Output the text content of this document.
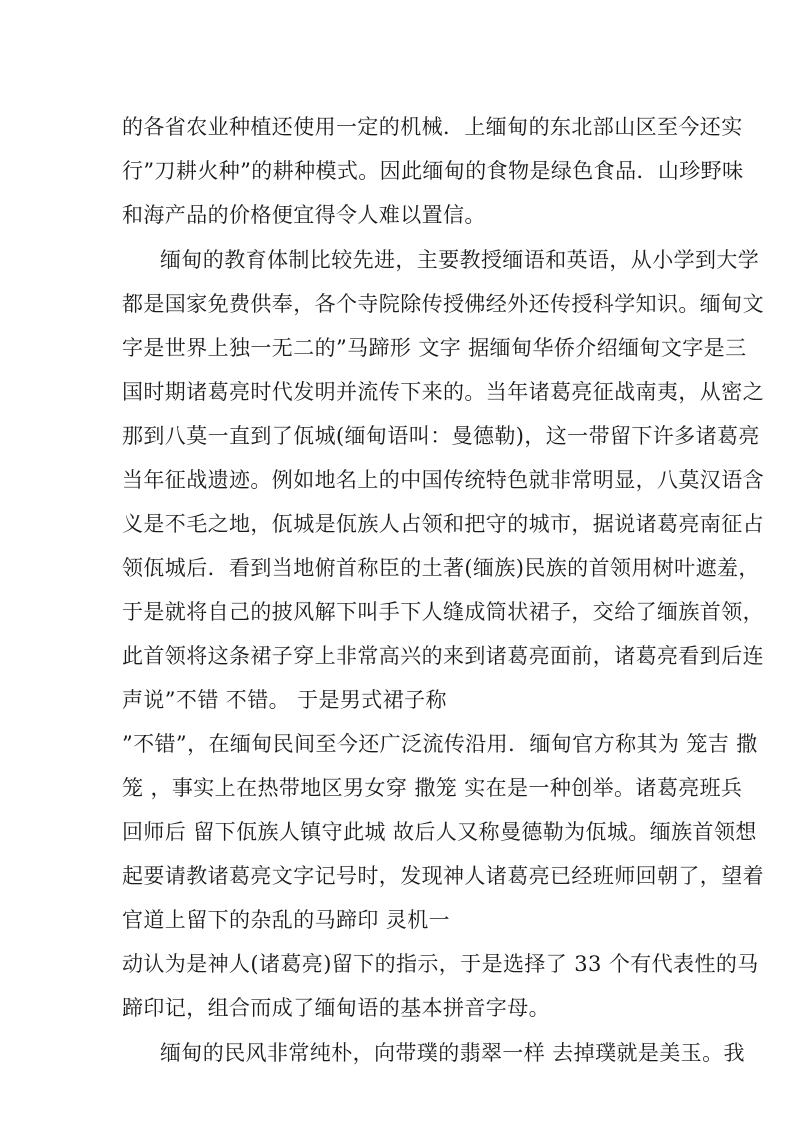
的各省农业种植还使用一定的机械．上缅甸的东北部山区至今还实
行”刀耕火种”的耕种模式。因此缅甸的食物是绿色食品．山珍野味
和海产品的价格便宜得令人难以置信。
缅甸的教育体制比较先进，主要教授缅语和英语，从小学到大学
都是国家免费供奉，各个寺院除传授佛经外还传授科学知识。缅甸文
字是世界上独一无二的”马蹄形 文字 据缅甸华侨介绍缅甸文字是三
国时期诸葛亮时代发明并流传下来的。当年诸葛亮征战南夷，从密之
那到八莫一直到了佤城(缅甸语叫：曼德勒)，这一带留下许多诸葛亮
当年征战遗迹。例如地名上的中国传统特色就非常明显，八莫汉语含
义是不毛之地，佤城是佤族人占领和把守的城市，据说诸葛亮南征占
领佤城后．看到当地俯首称臣的土著(缅族)民族的首领用树叶遮羞，
于是就将自己的披风解下叫手下人缝成筒状裙子，交给了缅族首领，
此首领将这条裙子穿上非常高兴的来到诸葛亮面前，诸葛亮看到后连
声说”不错 不错。 于是男式裙子称
”不错”，在缅甸民间至今还广泛流传沿用．缅甸官方称其为 笼吉 撒
笼 ，事实上在热带地区男女穿 撒笼 实在是一种创举。诸葛亮班兵
回师后 留下佤族人镇守此城 故后人又称曼德勒为佤城。缅族首领想
起要请教诸葛亮文字记号时，发现神人诸葛亮已经班师回朝了，望着
官道上留下的杂乱的马蹄印 灵机一
动认为是神人(诸葛亮)留下的指示，于是选择了 33 个有代表性的马
蹄印记，组合而成了缅甸语的基本拼音字母。
缅甸的民风非常纯朴，向带璞的翡翠一样 去掉璞就是美玉。我
